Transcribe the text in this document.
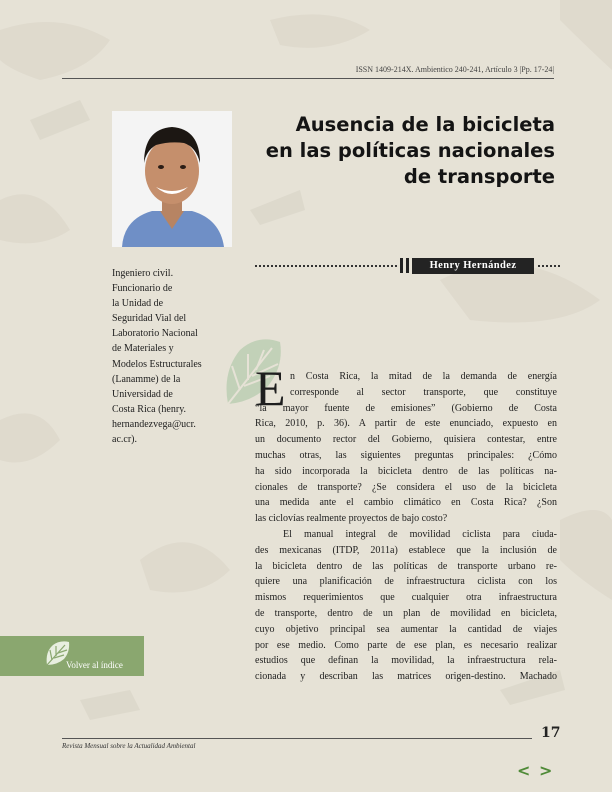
ISSN 1409-214X. Ambientico 240-241, Artículo 3 |Pp. 17-24|
Ausencia de la bicicleta
en las políticas nacionales
de transporte
Henry Hernández
Ingeniero civil.
Funcionario de
la Unidad de
Seguridad Vial del
Laboratorio Nacional
de Materiales y
Modelos Estructurales
(Lanamme) de la
Universidad de
Costa Rica (henry.
hernandezvega@ucr.
ac.cr).
E n Costa Rica, la mitad de la demanda de energía
corresponde al sector transporte, que constituye
“la mayor fuente de emisiones” (Gobierno de Costa
Rica, 2010, p. 36). A partir de este enunciado, expuesto en
un documento rector del Gobierno, quisiera contestar, entre
muchas otras, las siguientes preguntas principales: ¿Cómo
ha sido incorporada la bicicleta dentro de las políticas na-
cionales de transporte? ¿Se considera el uso de la bicicleta
una medida ante el cambio climático en Costa Rica? ¿Son
las ciclovías realmente proyectos de bajo costo?
El manual integral de movilidad ciclista para ciuda-
des mexicanas (ITDP, 2011a) establece que la inclusión de
la bicicleta dentro de las políticas de transporte urbano re-
quiere una planificación de infraestructura ciclista con los
mismos requerimientos que cualquier otra infraestructura
de transporte, dentro de un plan de movilidad en bicicleta,
cuyo objetivo principal sea aumentar la cantidad de viajes
por ese medio. Como parte de ese plan, es necesario realizar
estudios que definan la movilidad, la infraestructura rela-
cionada y describan las matrices origen-destino. Machado
Volver al índice
17
Revista Mensual sobre la Actualidad Ambiental
< >
